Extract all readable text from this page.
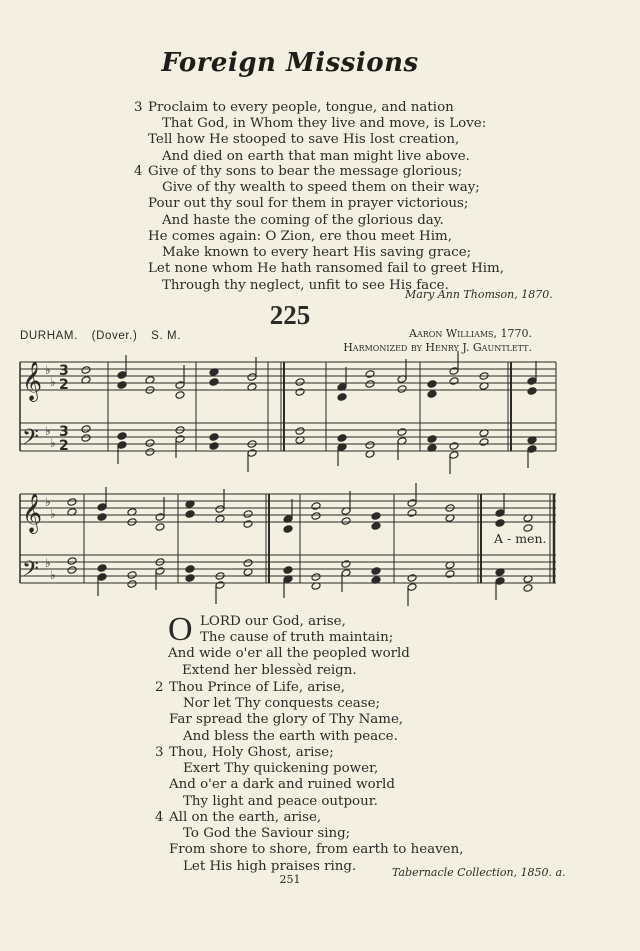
Foreign Missions
3 Proclaim to every people, tongue, and nation
That God, in Whom they live and move, is Love:
Tell how He stooped to save His lost creation,
And died on earth that man might live above.
4 Give of thy sons to bear the message glorious;
Give of thy wealth to speed them on their way;
Pour out thy soul for them in prayer victorious;
And haste the coming of the glorious day.
He comes again: O Zion, ere thou meet Him,
Make known to every heart His saving grace;
Let none whom He hath ransomed fail to greet Him,
Through thy neglect, unfit to see His face.
Mary Ann Thomson, 1870.
225
DURHAM. (Dover.) S. M.	Aaron Williams, 1770.
Harmonized by Henry J. Gauntlett.
𝄞
𝄢
𝄞
𝄢
♭
♭
♭
♭
♭
♭
♭
♭
3
2
3
2
A - men.
O LORD our God, arise,
The cause of truth maintain;
And wide o'er all the peopled world
Extend her blessèd reign.
2 Thou Prince of Life, arise,
Nor let Thy conquests cease;
Far spread the glory of Thy Name,
And bless the earth with peace.
3 Thou, Holy Ghost, arise;
Exert Thy quickening power,
And o'er a dark and ruined world
Thy light and peace outpour.
4 All on the earth, arise,
To God the Saviour sing;
From shore to shore, from earth to heaven,
Let His high praises ring.	Tabernacle Collection, 1850. a.
251
